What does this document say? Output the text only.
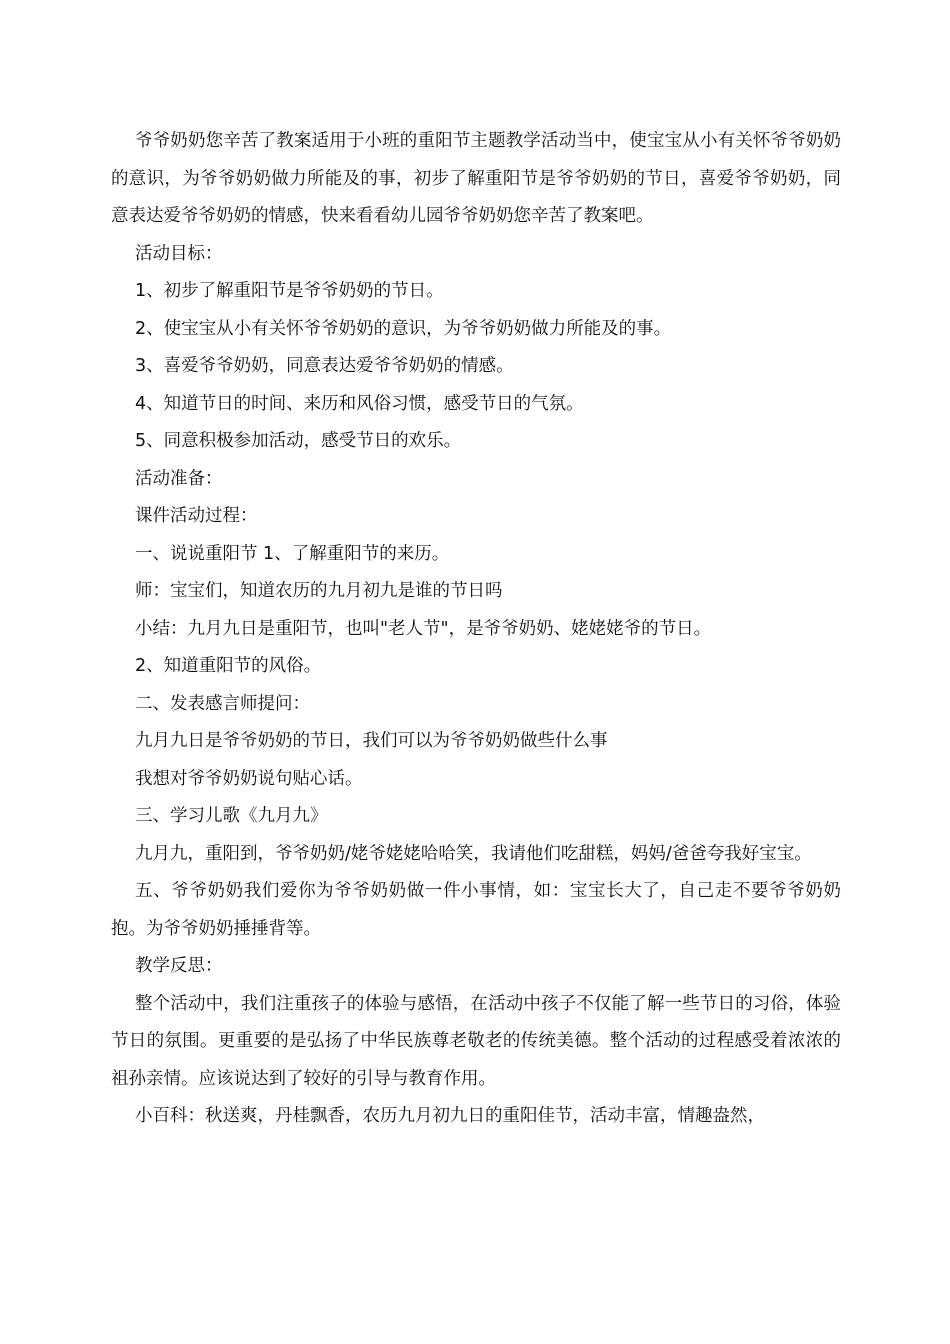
爷爷奶奶您辛苦了教案适用于小班的重阳节主题教学活动当中，使宝宝从小有关怀爷爷奶奶的意识，为爷爷奶奶做力所能及的事，初步了解重阳节是爷爷奶奶的节日，喜爱爷爷奶奶，同意表达爱爷爷奶奶的情感，快来看看幼儿园爷爷奶奶您辛苦了教案吧。

活动目标：

1、初步了解重阳节是爷爷奶奶的节日。

2、使宝宝从小有关怀爷爷奶奶的意识，为爷爷奶奶做力所能及的事。

3、喜爱爷爷奶奶，同意表达爱爷爷奶奶的情感。

4、知道节日的时间、来历和风俗习惯，感受节日的气氛。

5、同意积极参加活动，感受节日的欢乐。

活动准备：

课件活动过程：

一、说说重阳节 1、了解重阳节的来历。

师：宝宝们，知道农历的九月初九是谁的节日吗

小结：九月九日是重阳节，也叫"老人节"，是爷爷奶奶、姥姥姥爷的节日。

2、知道重阳节的风俗。

二、发表感言师提问：

九月九日是爷爷奶奶的节日，我们可以为爷爷奶奶做些什么事

我想对爷爷奶奶说句贴心话。

三、学习儿歌《九月九》

九月九，重阳到，爷爷奶奶/姥爷姥姥哈哈笑，我请他们吃甜糕，妈妈/爸爸夸我好宝宝。

五、爷爷奶奶我们爱你为爷爷奶奶做一件小事情，如：宝宝长大了，自己走不要爷爷奶奶抱。为爷爷奶奶捶捶背等。

教学反思：

整个活动中，我们注重孩子的体验与感悟，在活动中孩子不仅能了解一些节日的习俗，体验节日的氛围。更重要的是弘扬了中华民族尊老敬老的传统美德。整个活动的过程感受着浓浓的祖孙亲情。应该说达到了较好的引导与教育作用。

小百科：秋送爽，丹桂飘香，农历九月初九日的重阳佳节，活动丰富，情趣盎然，
